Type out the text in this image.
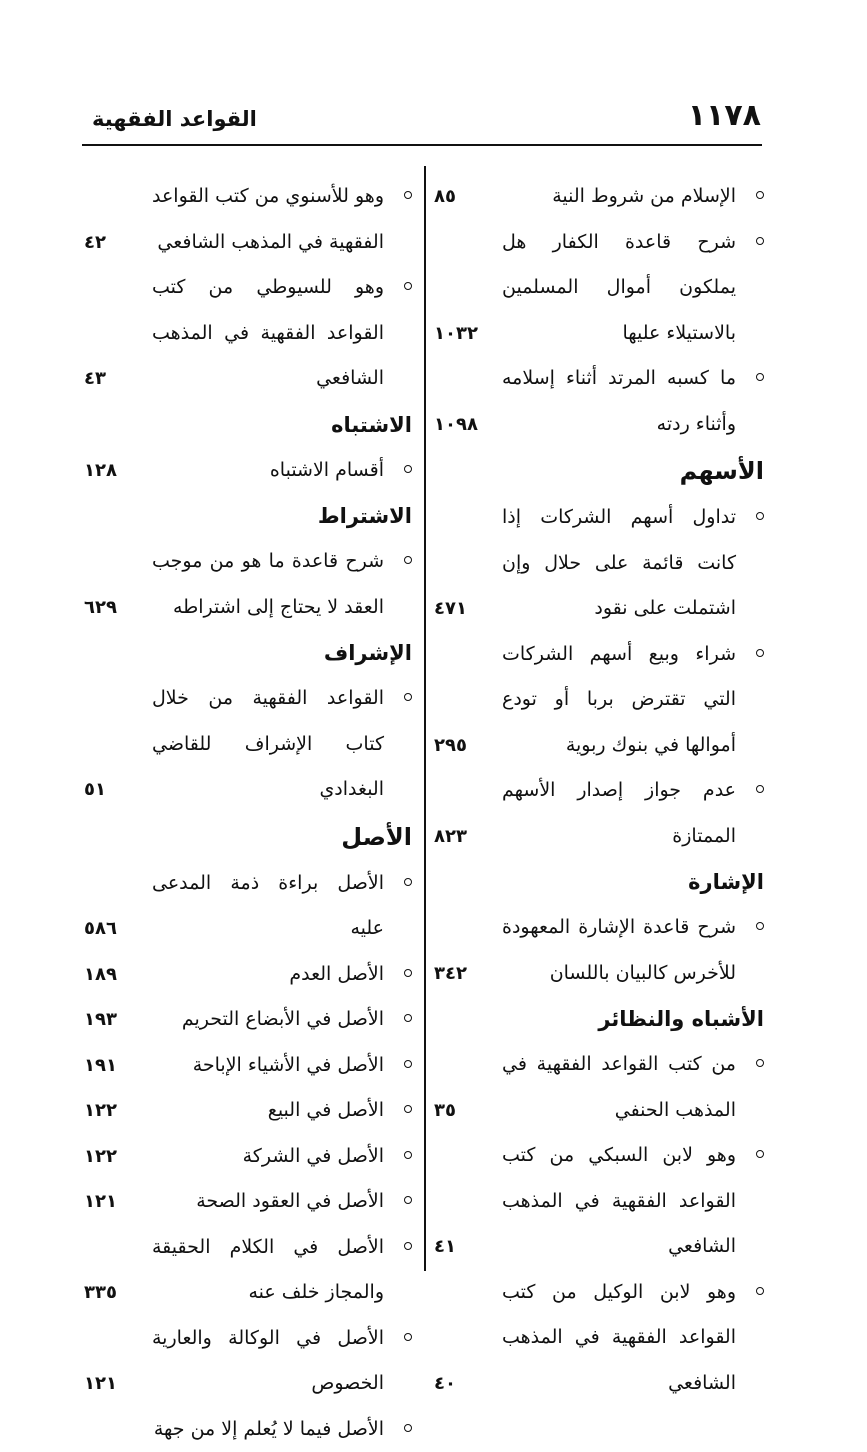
١١٧٨
القواعد الفقهية
الإسلام من شروط النية
٨٥
شرح قاعدة الكفار هل يملكون أموال المسلمين بالاستيلاء عليها
١٠٣٢
ما كسبه المرتد أثناء إسلامه وأثناء ردته
١٠٩٨
الأسهم
تداول أسهم الشركات إذا كانت قائمة على حلال وإن اشتملت على نقود
٤٧١
شراء وبيع أسهم الشركات التي تقترض بربا أو تودع أموالها في بنوك ربوية
٢٩٥
عدم جواز إصدار الأسهم الممتازة
٨٢٣
الإشارة
شرح قاعدة الإشارة المعهودة للأخرس كالبيان باللسان
٣٤٢
الأشباه والنظائر
من كتب القواعد الفقهية في المذهب الحنفي
٣٥
وهو لابن السبكي من كتب القواعد الفقهية في المذهب الشافعي
٤١
وهو لابن الوكيل من كتب القواعد الفقهية في المذهب الشافعي
٤٠
وهو للأسنوي من كتب القواعد الفقهية في المذهب الشافعي
٤٢
وهو للسيوطي من كتب القواعد الفقهية في المذهب الشافعي
٤٣
الاشتباه
أقسام الاشتباه
١٢٨
الاشتراط
شرح قاعدة ما هو من موجب العقد لا يحتاج إلى اشتراطه
٦٢٩
الإشراف
القواعد الفقهية من خلال كتاب الإشراف للقاضي البغدادي
٥١
الأصل
الأصل براءة ذمة المدعى عليه
٥٨٦
الأصل العدم
١٨٩
الأصل في الأبضاع التحريم
١٩٣
الأصل في الأشياء الإباحة
١٩١
الأصل في البيع
١٢٢
الأصل في الشركة
١٢٢
الأصل في العقود الصحة
١٢١
الأصل في الكلام الحقيقة والمجاز خلف عنه
٣٣٥
الأصل في الوكالة والعارية الخصوص
١٢١
الأصل فيما لا يُعلم إلا من جهة
